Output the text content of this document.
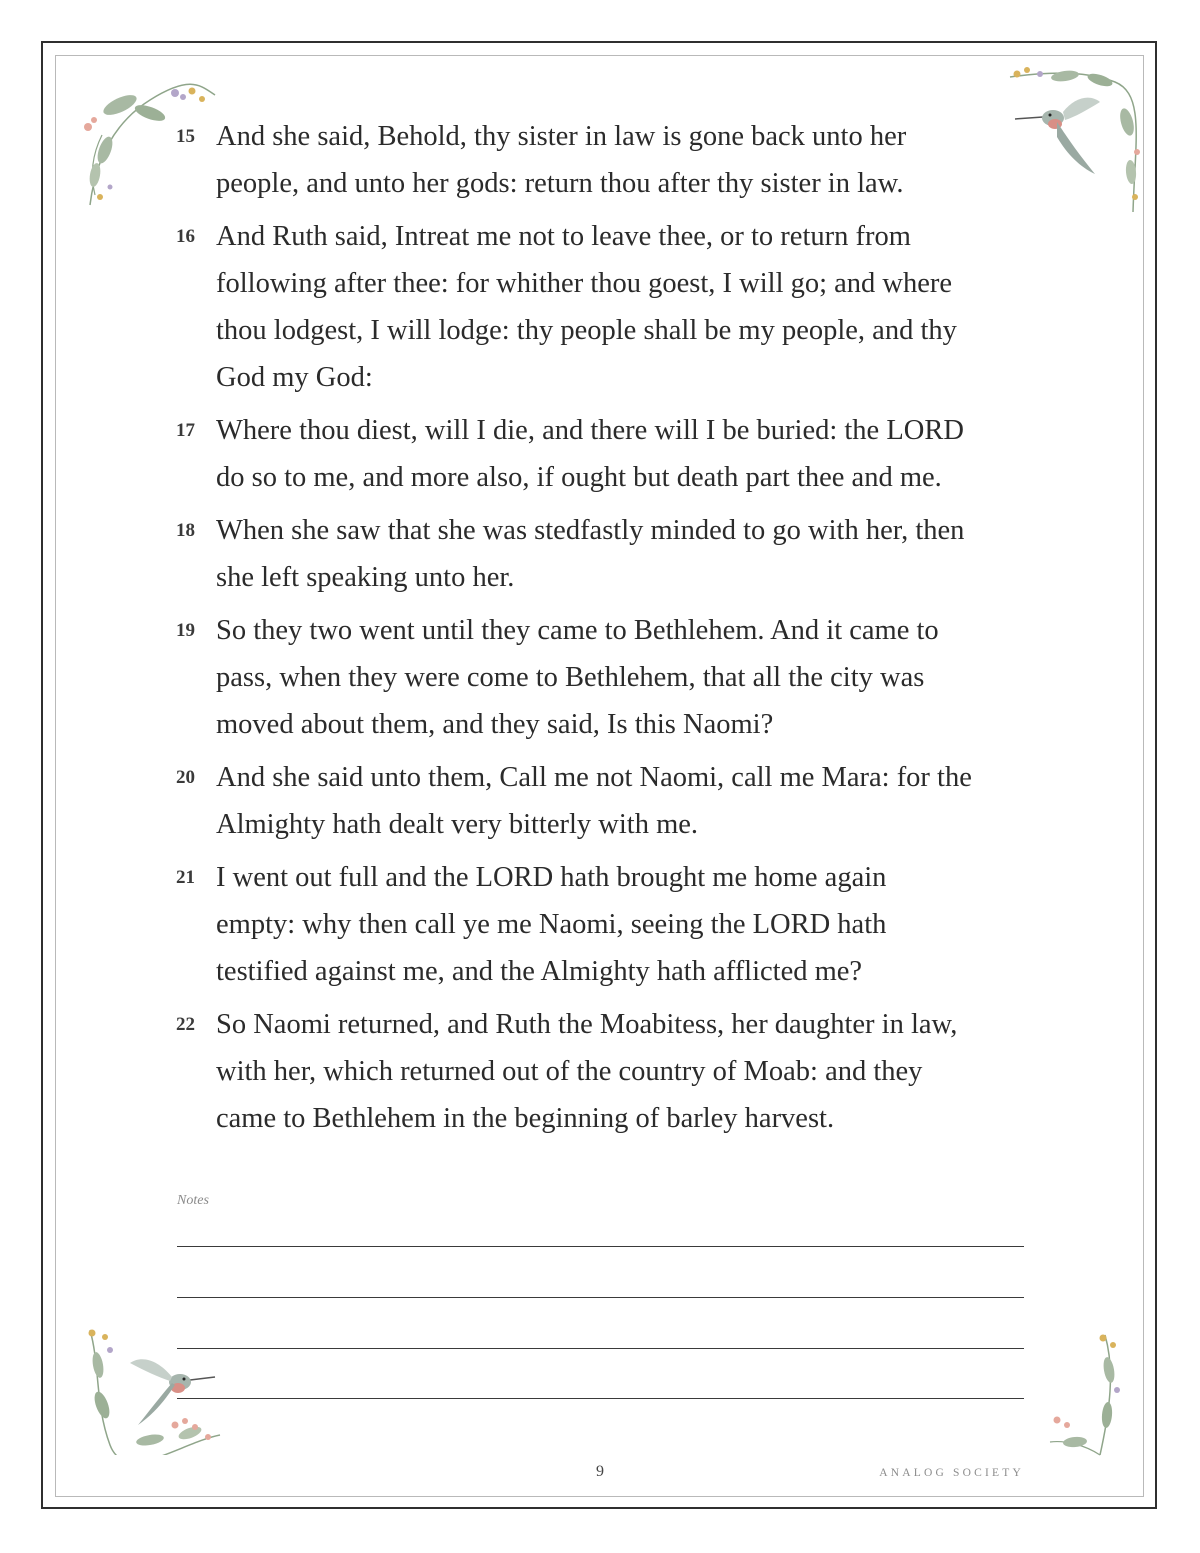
15 And she said, Behold, thy sister in law is gone back unto her
people, and unto her gods: return thou after thy sister in law.
16 And Ruth said, Intreat me not to leave thee, or to return from
following after thee: for whither thou goest, I will go; and where
thou lodgest, I will lodge: thy people shall be my people, and thy
God my God:
17 Where thou diest, will I die, and there will I be buried: the LORD
do so to me, and more also, if ought but death part thee and me.
18 When she saw that she was stedfastly minded to go with her, then
she left speaking unto her.
19 So they two went until they came to Bethlehem. And it came to
pass, when they were come to Bethlehem, that all the city was
moved about them, and they said, Is this Naomi?
20 And she said unto them, Call me not Naomi, call me Mara: for the
Almighty hath dealt very bitterly with me.
21 I went out full and the LORD hath brought me home again
empty: why then call ye me Naomi, seeing the LORD hath
testified against me, and the Almighty hath afflicted me?
22 So Naomi returned, and Ruth the Moabitess, her daughter in law,
with her, which returned out of the country of Moab: and they
came to Bethlehem in the beginning of barley harvest.
Notes
9	ANALOG SOCIETY
